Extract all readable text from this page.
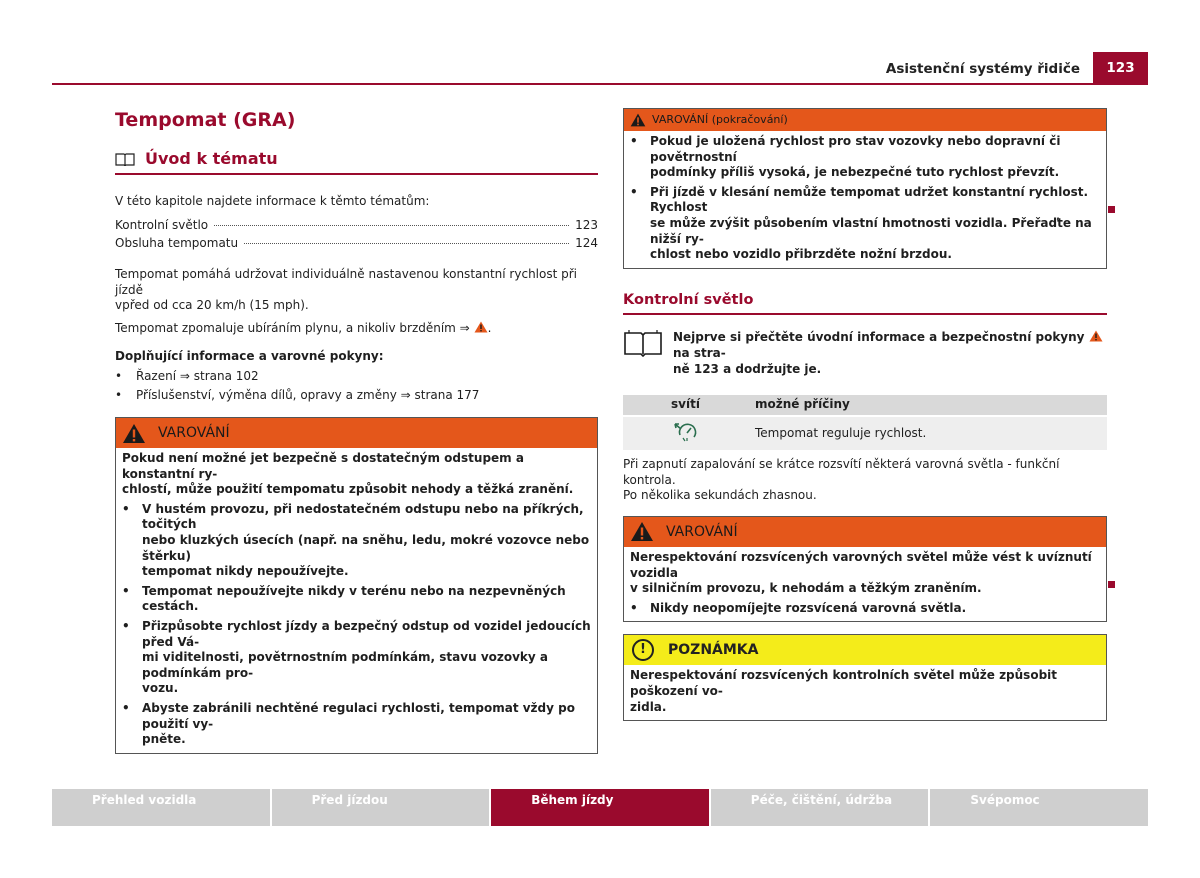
Asistenční systémy řidiče	123
Tempomat (GRA)
Úvod k tématu

V této kapitole najdete informace k těmto tématům:

Kontrolní světlo	123
Obsluha tempomatu	124

Tempomat pomáhá udržovat individuálně nastavenou konstantní rychlost při jízdě
vpřed od cca 20 km/h (15 mph).

Tempomat zpomaluje ubíráním plynu, a nikoliv brzděním ⇒ .

Doplňující informace a varovné pokyny:

•	Řazení ⇒ strana 102
•	Příslušenství, výměna dílů, opravy a změny ⇒ strana 177
VAROVÁNÍ
Pokud není možné jet bezpečně s dostatečným odstupem a konstantní ry-
chlostí, může použití tempomatu způsobit nehody a těžká zranění.
•	V hustém provozu, při nedostatečném odstupu nebo na příkrých, točitých
nebo kluzkých úsecích (např. na sněhu, ledu, mokré vozovce nebo štěrku)
tempomat nikdy nepoužívejte.
•	Tempomat nepoužívejte nikdy v terénu nebo na nezpevněných cestách.
•	Přizpůsobte rychlost jízdy a bezpečný odstup od vozidel jedoucích před Vá-
mi viditelnosti, povětrnostním podmínkám, stavu vozovky a podmínkám pro-
vozu.
•	Abyste zabránili nechtěné regulaci rychlosti, tempomat vždy po použití vy-
pněte.
VAROVÁNÍ (pokračování)
•	Pokud je uložená rychlost pro stav vozovky nebo dopravní či povětrnostní
podmínky příliš vysoká, je nebezpečné tuto rychlost převzít.
•	Při jízdě v klesání nemůže tempomat udržet konstantní rychlost. Rychlost
se může zvýšit působením vlastní hmotnosti vozidla. Přeřaďte na nižší ry-
chlost nebo vozidlo přibrzděte nožní brzdou.
Kontrolní světlo
Nejprve si přečtěte úvodní informace a bezpečnostní pokyny  na stra-
ně 123 a dodržujte je.
svítí	možné příčiny
	Tempomat reguluje rychlost.

Při zapnutí zapalování se krátce rozsvítí některá varovná světla - funkční kontrola.
Po několika sekundách zhasnou.

VAROVÁNÍ
Nerespektování rozsvícených varovných světel může vést k uvíznutí vozidla
v silničním provozu, k nehodám a těžkým zraněním.
•	Nikdy neopomíjejte rozsvícená varovná světla.
!	POZNÁMKA
Nerespektování rozsvícených kontrolních světel může způsobit poškození vo-
zidla.
Přehled vozidla	Před jízdou	Během jízdy	Péče, čištění, údržba	Svépomoc
